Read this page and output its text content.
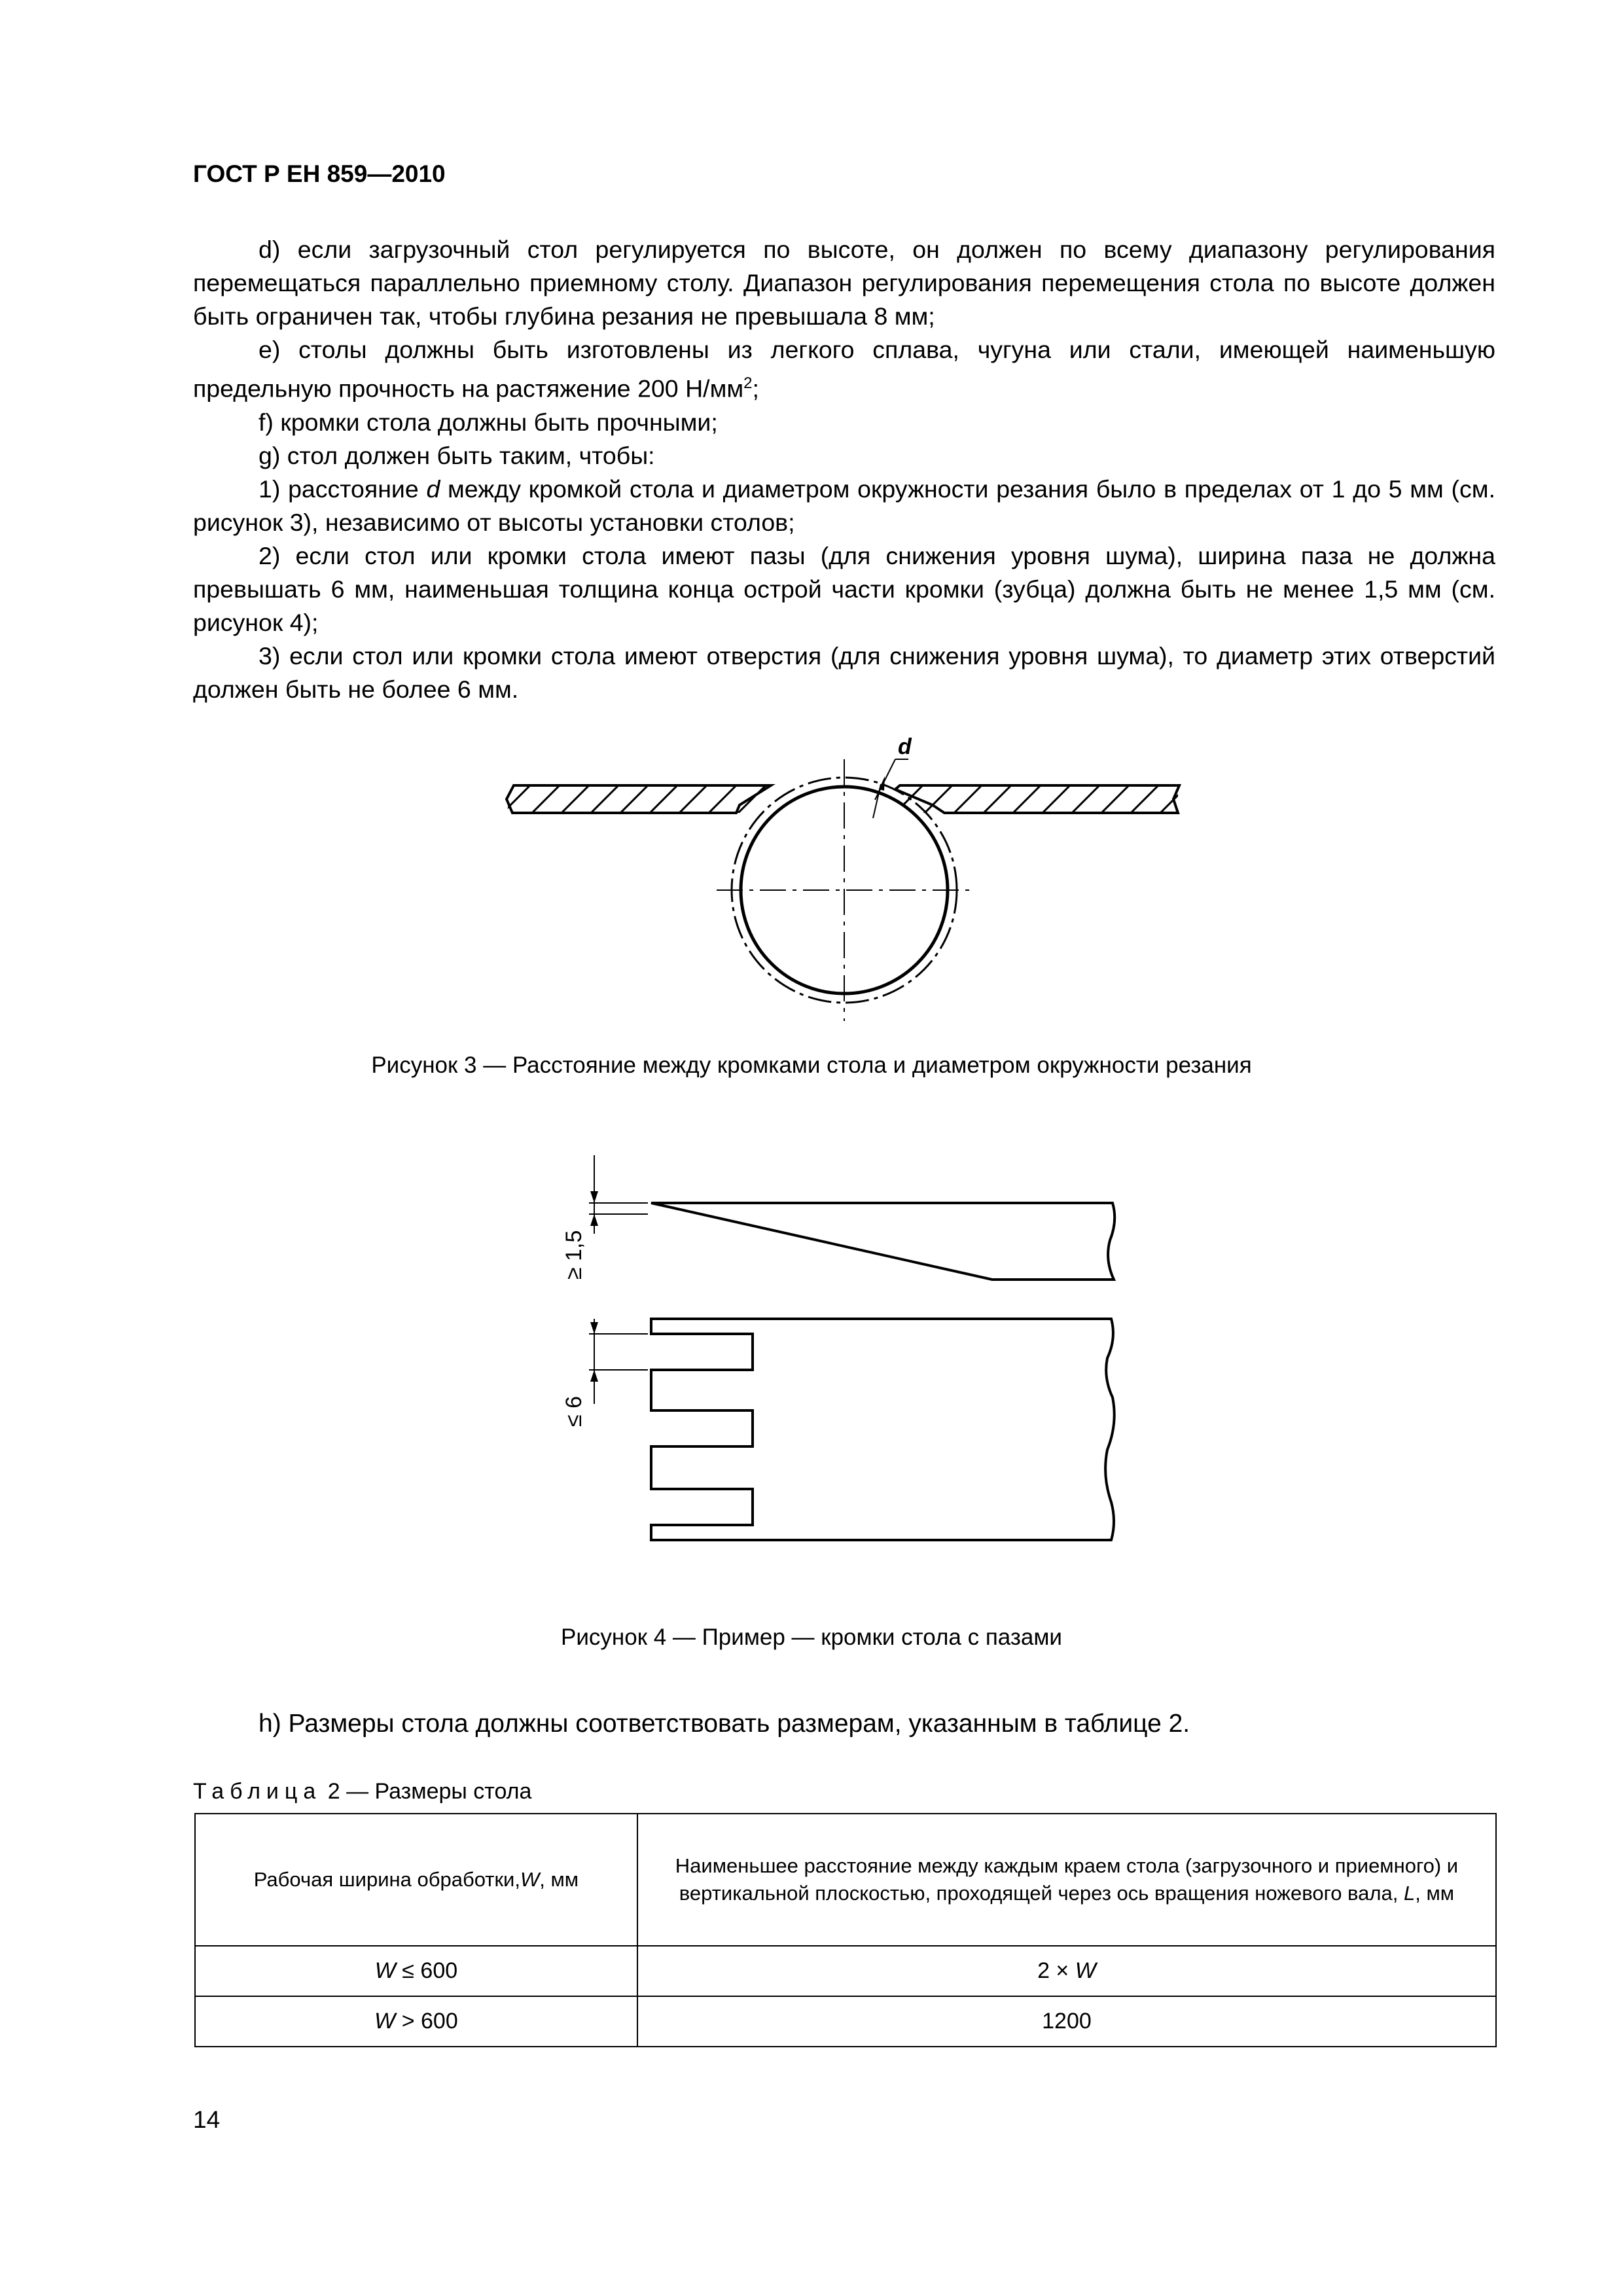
ГОСТ Р ЕН 859—2010

d) если загрузочный стол регулируется по высоте, он должен по всему диапазону регулирования перемещаться параллельно приемному столу. Диапазон регулирования перемещения стола по высоте должен быть ограничен так, чтобы глубина резания не превышала 8 мм;

e) столы должны быть изготовлены из легкого сплава, чугуна или стали, имеющей наименьшую предельную прочность на растяжение 200 $Н/мм^2$;

f) кромки стола должны быть прочными;

g) стол должен быть таким, чтобы:

1) расстояние d между кромкой стола и диаметром окружности резания было в пределах от 1 до 5 мм (см. рисунок 3), независимо от высоты установки столов;

2) если стол или кромки стола имеют пазы (для снижения уровня шума), ширина паза не должна превышать 6 мм, наименьшая толщина конца острой части кромки (зубца) должна быть не менее 1,5 мм (см. рисунок 4);

3) если стол или кромки стола имеют отверстия (для снижения уровня шума), то диаметр этих отверстий должен быть не более 6 мм.

d
Рисунок 3 — Расстояние между кромками стола и диаметром окружности резания
≥ 1,5
≤ 6
Рисунок 4 — Пример — кромки стола с пазами
h) Размеры стола должны соответствовать размерам, указанным в таблице 2.
Таблица 2 — Размеры стола
Рабочая ширина обработки,W, мм	Наименьшее расстояние между каждым краем стола (загрузочного и приемного) и вертикальной плоскостью, проходящей через ось вращения ножевого вала, L, мм
W ≤ 600	2 × W
W > 600	1200
14
